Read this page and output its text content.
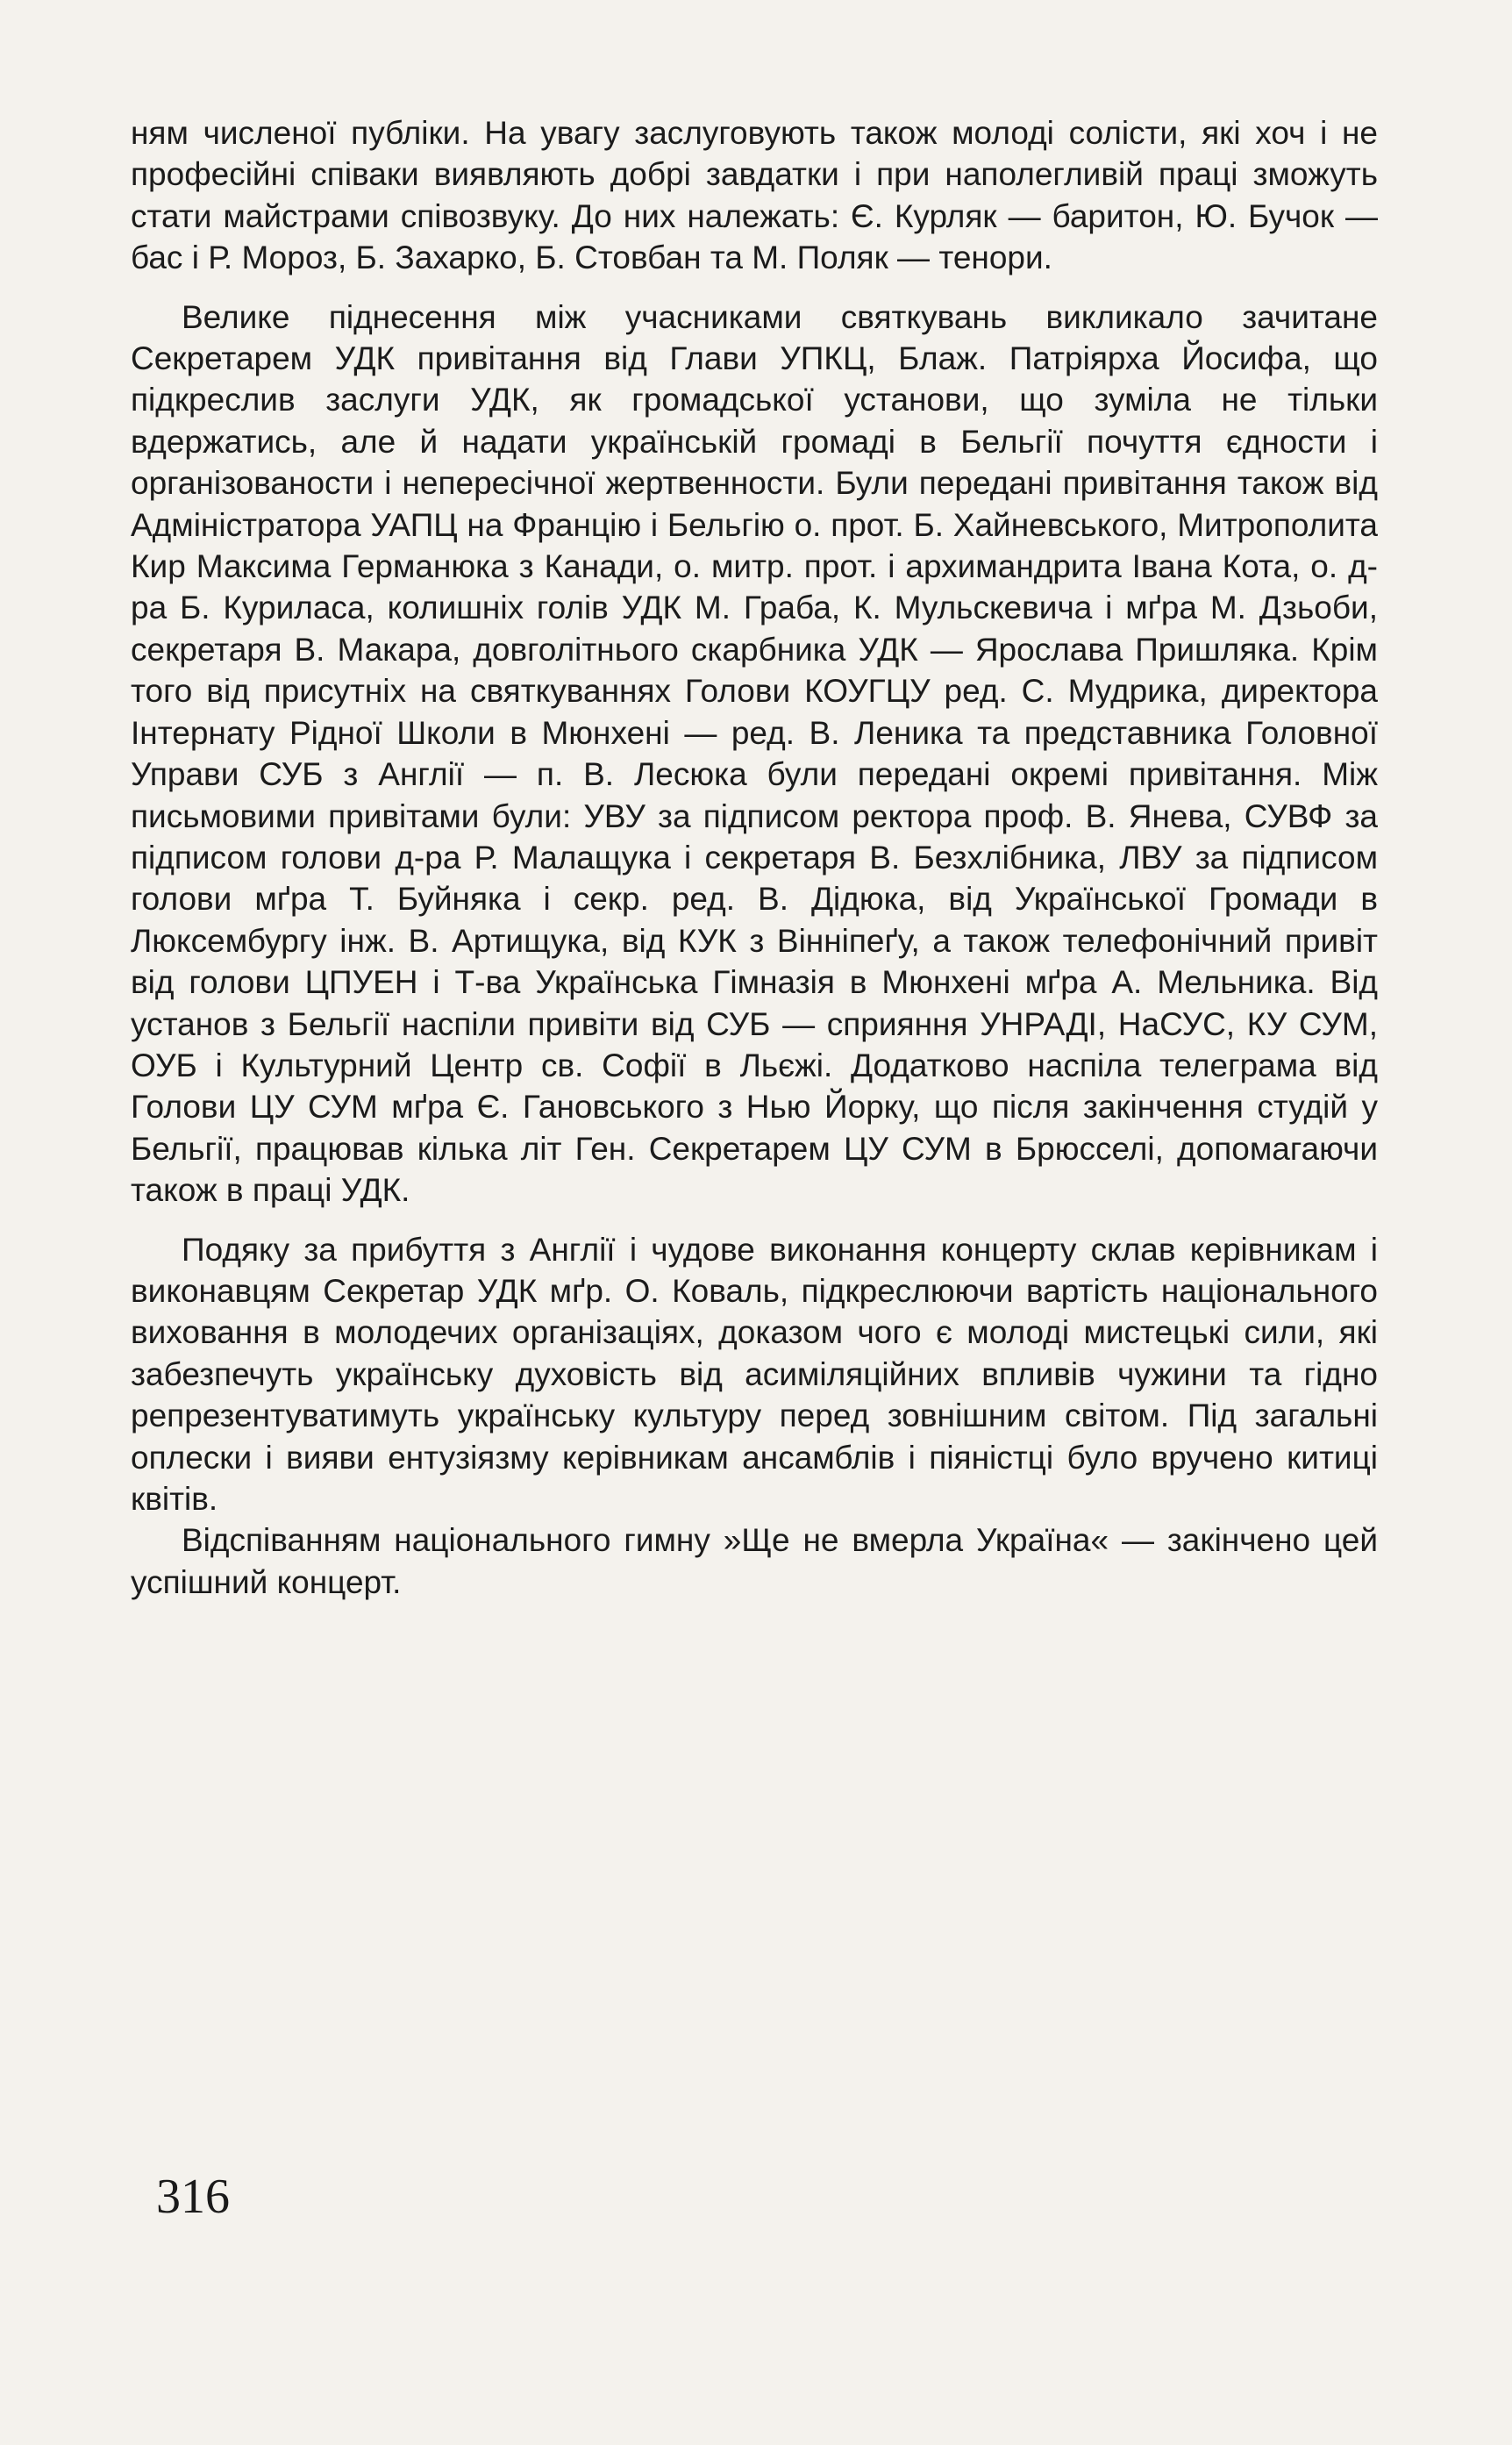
ням численої публіки. На увагу заслуговують також молоді солісти, які хоч і не професійні співаки виявляють добрі завдатки і при наполегливій праці зможуть стати майстрами співозвуку. До них належать: Є. Курляк — баритон, Ю. Бучок — бас і Р. Мороз, Б. Захарко, Б. Стовбан та М. Поляк — тенори.

Велике піднесення між учасниками святкувань викликало зачитане Секретарем УДК привітання від Глави УПКЦ, Блаж. Патріярха Йосифа, що підкреслив заслуги УДК, як громадської установи, що зуміла не тільки вдержатись, але й надати українській громаді в Бельгії почуття єдности і організованости і непересічної жертвенности. Були передані привітання також від Адміністратора УАПЦ на Францію і Бельгію о. прот. Б. Хайневського, Митрополита Кир Максима Германюка з Канади, о. митр. прот. і архимандрита Івана Кота, о. д-ра Б. Куриласа, колишніх голів УДК М. Граба, К. Мульскевича і мґра М. Дзьоби, секретаря В. Макара, довголітнього скарбника УДК — Ярослава Пришляка. Крім того від присутніх на святкуваннях Голови КОУГЦУ ред. С. Мудрика, директора Інтернату Рідної Школи в Мюнхені — ред. В. Леника та представника Головної Управи СУБ з Англії — п. В. Лесюка були передані окремі привітання. Між письмовими привітами були: УВУ за підписом ректора проф. В. Янева, СУВФ за підписом голови д-ра Р. Малащука і секретаря В. Безхлібника, ЛВУ за підписом голови мґра Т. Буйняка і секр. ред. В. Дідюка, від Української Громади в Люксембургу інж. В. Артищука, від КУК з Вінніпеґу, а також телефонічний привіт від голови ЦПУЕН і Т-ва Українська Гімназія в Мюнхені мґра А. Мельника. Від установ з Бельгії наспіли привіти від СУБ — сприяння УНРАДІ, НаСУС, КУ СУМ, ОУБ і Культурний Центр св. Софії в Льєжі. Додатково наспіла телеграма від Голови ЦУ СУМ мґра Є. Гановського з Нью Йорку, що після закінчення студій у Бельгії, працював кілька літ Ген. Секретарем ЦУ СУМ в Брюсселі, допомагаючи також в праці УДК.

Подяку за прибуття з Англії і чудове виконання концерту склав керівникам і виконавцям Секретар УДК мґр. О. Коваль, підкреслюючи вартість національного виховання в молодечих організаціях, доказом чого є молоді мистецькі сили, які забезпечуть українську духовість від асиміляційних впливів чужини та гідно репрезентуватимуть українську культуру перед зовнішним світом. Під загальні оплески і вияви ентузіязму керівникам ансамблів і піяністці було вручено китиці квітів.

Відспіванням національного гимну »Ще не вмерла Україна« — закінчено цей успішний концерт.

316
